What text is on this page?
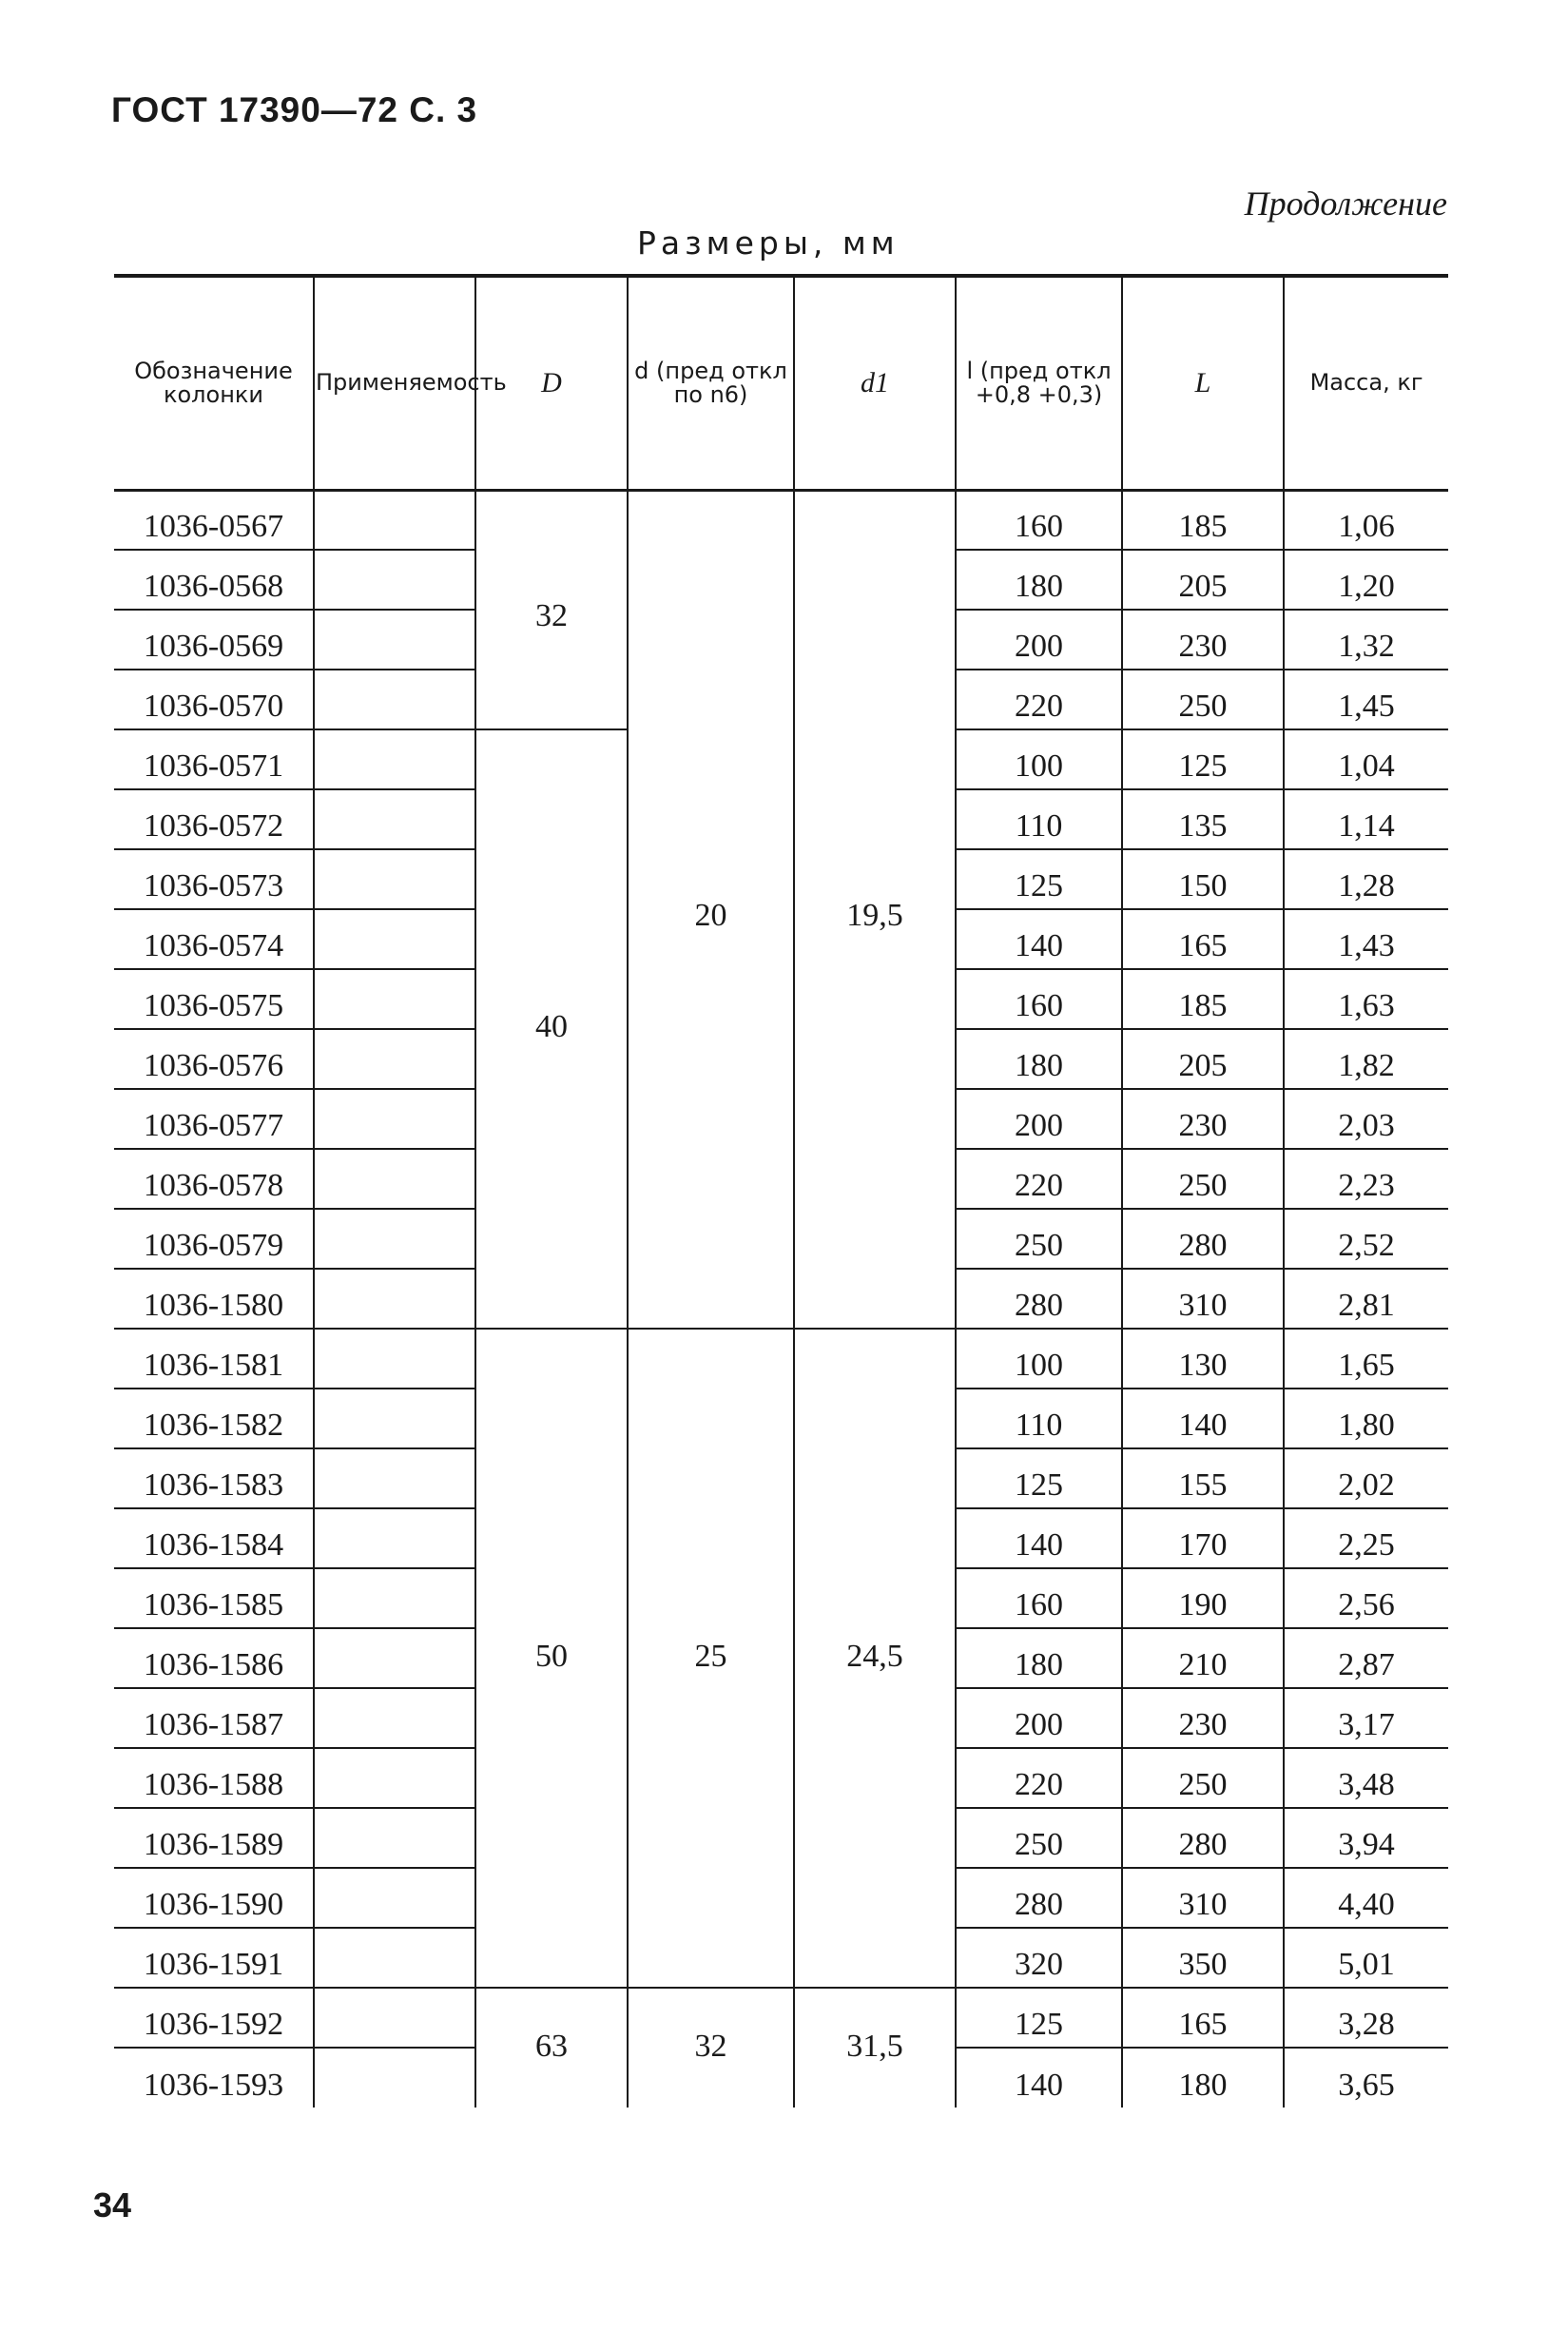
ГОСТ 17390—72 С. 3
Продолжение
Размеры, мм
Обозначение колонки	Применяемость	D	d (пред откл по n6)	d1	l (пред откл +0,8 +0,3)	L	Масса, кг
1036-0567		32	20	19,5	160	185	1,06
1036-0568					180	205	1,20
1036-0569					200	230	1,32
1036-0570					220	250	1,45
1036-0571		40			100	125	1,04
1036-0572					110	135	1,14
1036-0573					125	150	1,28
1036-0574					140	165	1,43
1036-0575					160	185	1,63
1036-0576					180	205	1,82
1036-0577					200	230	2,03
1036-0578					220	250	2,23
1036-0579					250	280	2,52
1036-1580					280	310	2,81
1036-1581		50	25	24,5	100	130	1,65
1036-1582					110	140	1,80
1036-1583					125	155	2,02
1036-1584					140	170	2,25
1036-1585					160	190	2,56
1036-1586					180	210	2,87
1036-1587					200	230	3,17
1036-1588					220	250	3,48
1036-1589					250	280	3,94
1036-1590					280	310	4,40
1036-1591					320	350	5,01
1036-1592		63	32	31,5	125	165	3,28
1036-1593					140	180	3,65
34
